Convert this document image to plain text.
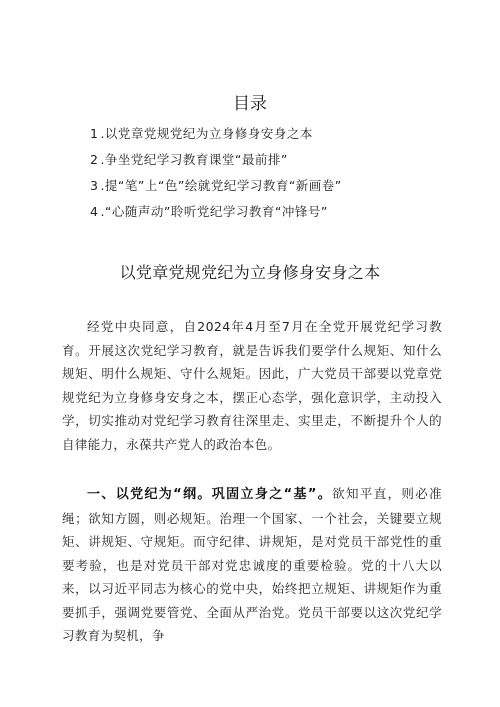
目录
1 .以党章党规党纪为立身修身安身之本
2 .争坐党纪学习教育课堂“最前排”
3 .提“笔”上“色”绘就党纪学习教育“新画卷”
4 .“心随声动”聆听党纪学习教育“冲锋号”
以党章党规党纪为立身修身安身之本
经党中央同意，自2024年4月至7月在全党开展党纪学习教育。开展这次党纪学习教育，就是告诉我们要学什么规矩、知什么规矩、明什么规矩、守什么规矩。因此，广大党员干部要以党章党规党纪为立身修身安身之本，摆正心态学，强化意识学，主动投入学，切实推动对党纪学习教育往深里走、实里走，不断提升个人的自律能力，永葆共产党人的政治本色。
一、以党纪为“纲。巩固立身之“基”。欲知平直，则必准绳；欲知方圆，则必规矩。治理一个国家、一个社会，关键要立规矩、讲规矩、守规矩。而守纪律、讲规矩，是对党员干部党性的重要考验，也是对党员干部对党忠诚度的重要检验。党的十八大以来，以习近平同志为核心的党中央，始终把立规矩、讲规矩作为重要抓手，强调党要管党、全面从严治党。党员干部要以这次党纪学习教育为契机，争
